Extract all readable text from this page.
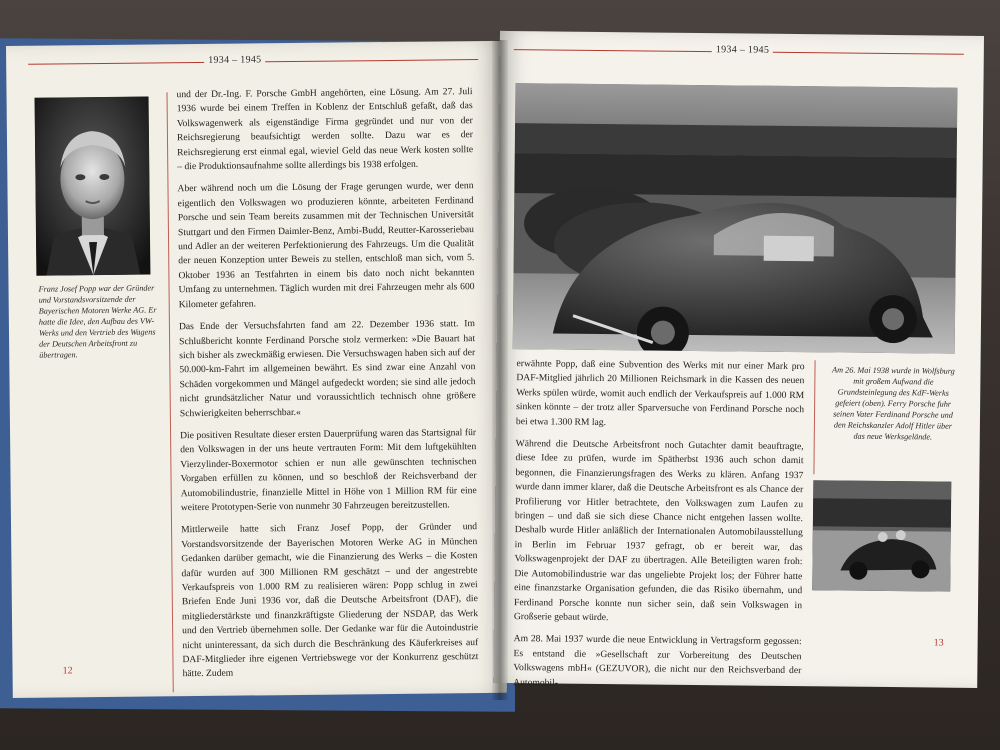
1934 – 1945
Franz Josef Popp war der Gründer und Vorstandsvorsitzende der Bayerischen Motoren Werke AG. Er hatte die Idee, den Aufbau des VW-Werks und den Vertrieb des Wagens der Deutschen Arbeitsfront zu übertragen.

und der Dr.-Ing. F. Porsche GmbH angehörten, eine Lösung. Am 27. Juli 1936 wurde bei einem Treffen in Koblenz der Entschluß gefaßt, daß das Volkswagenwerk als eigenständige Firma gegründet und nur von der Reichsregierung beaufsichtigt werden sollte. Dazu war es der Reichsregierung erst einmal egal, wieviel Geld das neue Werk kosten sollte – die Produktionsaufnahme sollte allerdings bis 1938 erfolgen.

Aber während noch um die Lösung der Frage gerungen wurde, wer denn eigentlich den Volkswagen wo produzieren könnte, arbeiteten Ferdinand Porsche und sein Team bereits zusammen mit der Technischen Universität Stuttgart und den Firmen Daimler-Benz, Ambi-Budd, Reutter-Karosseriebau und Adler an der weiteren Perfektionierung des Fahrzeugs. Um die Qualität der neuen Konzeption unter Beweis zu stellen, entschloß man sich, vom 5. Oktober 1936 an Testfahrten in einem bis dato noch nicht bekannten Umfang zu unternehmen. Täglich wurden mit drei Fahrzeugen mehr als 600 Kilometer gefahren.

Das Ende der Versuchsfahrten fand am 22. Dezember 1936 statt. Im Schlußbericht konnte Ferdinand Porsche stolz vermerken: »Die Bauart hat sich bisher als zweckmäßig erwiesen. Die Versuchswagen haben sich auf der 50.000-km-Fahrt im allgemeinen bewährt. Es sind zwar eine Anzahl von Schäden vorgekommen und Mängel aufgedeckt worden; sie sind alle jedoch nicht grundsätzlicher Natur und voraussichtlich technisch ohne größere Schwierigkeiten beherrschbar.«

Die positiven Resultate dieser ersten Dauerprüfung waren das Startsignal für den Volkswagen in der uns heute vertrauten Form: Mit dem luftgekühlten Vierzylinder-Boxermotor schien er nun alle gewünschten technischen Vorgaben erfüllen zu können, und so beschloß der Reichsverband der Automobilindustrie, finanzielle Mittel in Höhe von 1 Million RM für eine weitere Prototypen-Serie von nunmehr 30 Fahrzeugen bereitzustellen.

Mittlerweile hatte sich Franz Josef Popp, der Gründer und Vorstandsvorsitzende der Bayerischen Motoren Werke AG in München Gedanken darüber gemacht, wie die Finanzierung des Werks – die Kosten dafür wurden auf 300 Millionen RM geschätzt – und der angestrebte Verkaufspreis von 1.000 RM zu realisieren wären: Popp schlug in zwei Briefen Ende Juni 1936 vor, daß die Deutsche Arbeitsfront (DAF), die mitgliederstärkste und finanzkräftigste Gliederung der NSDAP, das Werk und den Vertrieb übernehmen solle. Der Gedanke war für die Autoindustrie nicht uninteressant, da sich durch die Beschränkung des Käuferkreises auf DAF-Mitglieder ihre eigenen Vertriebswege vor der Konkurrenz geschützt hätte. Zudem

12
1934 – 1945
Am 26. Mai 1938 wurde in Wolfsburg mit großem Aufwand die Grundsteinlegung des KdF-Werks gefeiert (oben). Ferry Porsche fuhr seinen Vater Ferdinand Porsche und den Reichskanzler Adolf Hitler über das neue Werksgelände.

erwähnte Popp, daß eine Subvention des Werks mit nur einer Mark pro DAF-Mitglied jährlich 20 Millionen Reichsmark in die Kassen des neuen Werks spülen würde, womit auch endlich der Verkaufspreis auf 1.000 RM sinken könnte – der trotz aller Sparversuche von Ferdinand Porsche noch bei etwa 1.300 RM lag.

Während die Deutsche Arbeitsfront noch Gutachter damit beauftragte, diese Idee zu prüfen, wurde im Spätherbst 1936 auch schon damit begonnen, die Finanzierungsfragen des Werks zu klären. Anfang 1937 wurde dann immer klarer, daß die Deutsche Arbeitsfront es als Chance der Profilierung vor Hitler betrachtete, den Volkswagen zum Laufen zu bringen – und daß sie sich diese Chance nicht entgehen lassen wollte. Deshalb wurde Hitler anläßlich der Internationalen Automobilausstellung in Berlin im Februar 1937 gefragt, ob er bereit war, das Volkswagenprojekt der DAF zu übertragen. Alle Beteiligten waren froh: Die Automobilindustrie war das ungeliebte Projekt los; der Führer hatte eine finanzstarke Organisation gefunden, die das Risiko übernahm, und Ferdinand Porsche konnte nun sicher sein, daß sein Volkswagen in Großserie gebaut würde.

Am 28. Mai 1937 wurde die neue Entwicklung in Vertragsform gegossen: Es entstand die »Gesellschaft zur Vorbereitung des Deutschen Volkswagens mbH« (GEZUVOR), die nicht nur den Reichsverband der Automobil-

13
